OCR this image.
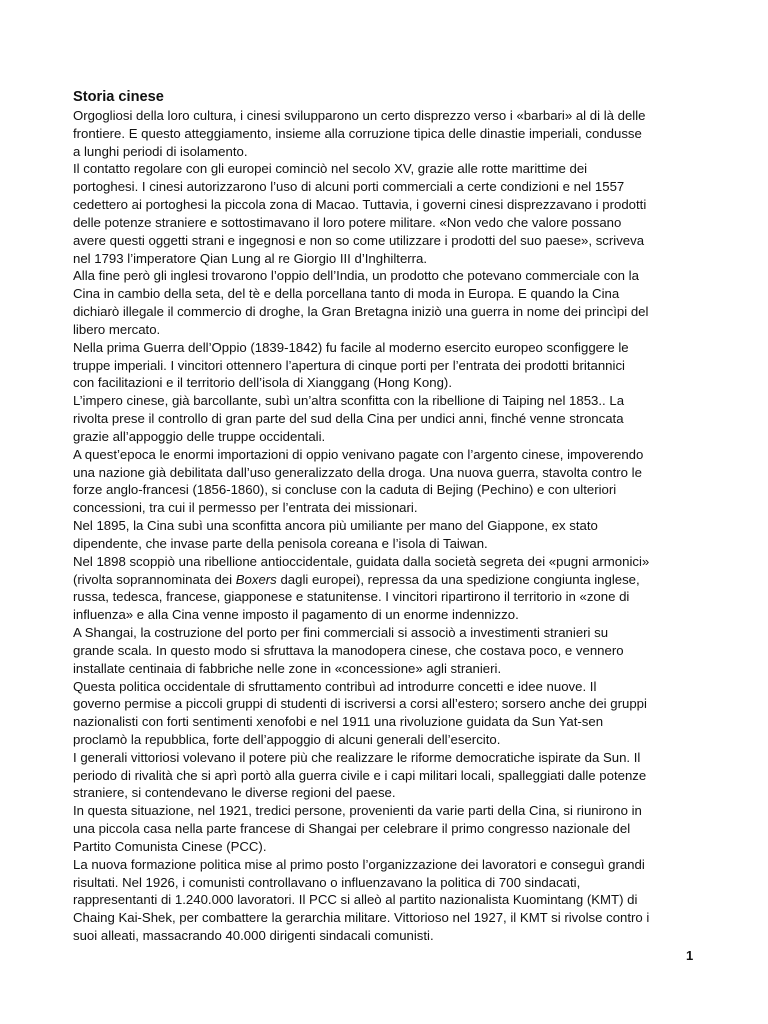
Storia cinese

Orgogliosi della loro cultura, i cinesi svilupparono un certo disprezzo verso i «barbari» al di là delle

frontiere. E questo atteggiamento, insieme alla corruzione tipica delle dinastie imperiali, condusse

a lunghi periodi di isolamento.

Il contatto regolare con gli europei cominciò nel secolo XV, grazie alle rotte marittime dei

portoghesi. I cinesi autorizzarono l’uso di alcuni porti commerciali a certe condizioni e nel 1557

cedettero ai portoghesi la piccola zona di Macao. Tuttavia, i governi cinesi disprezzavano i prodotti

delle potenze straniere e sottostimavano il loro potere militare. «Non vedo che valore possano

avere questi oggetti strani e ingegnosi e non so come utilizzare i prodotti del suo paese», scriveva

nel 1793 l’imperatore Qian Lung al re Giorgio III d’Inghilterra.

Alla fine però gli inglesi trovarono l’oppio dell’India, un prodotto che potevano commerciale con la

Cina in cambio della seta, del tè e della porcellana tanto di moda in Europa. E quando la Cina

dichiarò illegale il commercio di droghe, la Gran Bretagna iniziò una guerra in nome dei princìpi del

libero mercato.

Nella prima Guerra dell’Oppio (1839-1842) fu facile al moderno esercito europeo sconfiggere le

truppe imperiali. I vincitori ottennero l’apertura di cinque porti per l’entrata dei prodotti britannici

con facilitazioni e il territorio dell’isola di Xianggang (Hong Kong).

L’impero cinese, già barcollante, subì un’altra sconfitta con la ribellione di Taiping nel 1853.. La

rivolta prese il controllo di gran parte del sud della Cina per undici anni, finché venne stroncata

grazie all’appoggio delle truppe occidentali.

A quest’epoca le enormi importazioni di oppio venivano pagate con l’argento cinese, impoverendo

una nazione già debilitata dall’uso generalizzato della droga. Una nuova guerra, stavolta contro le

forze anglo-francesi (1856-1860), si concluse con la caduta di Bejing (Pechino) e con ulteriori

concessioni, tra cui il permesso per l’entrata dei missionari.

Nel 1895, la Cina subì una sconfitta ancora più umiliante per mano del Giappone, ex stato

dipendente, che invase parte della penisola coreana e l’isola di Taiwan.

Nel 1898 scoppiò una ribellione antioccidentale, guidata dalla società segreta dei «pugni armonici»

(rivolta soprannominata dei Boxers dagli europei), repressa da una spedizione congiunta inglese,

russa, tedesca, francese, giapponese e statunitense. I vincitori ripartirono il territorio in «zone di

influenza» e alla Cina venne imposto il pagamento di un enorme indennizzo.

A Shangai, la costruzione del porto per fini commerciali si associò a investimenti stranieri su

grande scala. In questo modo si sfruttava la manodopera cinese, che costava poco, e vennero

installate centinaia di fabbriche nelle zone in «concessione» agli stranieri.

Questa politica occidentale di sfruttamento contribuì ad introdurre concetti e idee nuove. Il

governo permise a piccoli gruppi di studenti di iscriversi a corsi all’estero; sorsero anche dei gruppi

nazionalisti con forti sentimenti xenofobi e nel 1911 una rivoluzione guidata da Sun Yat-sen

proclamò la repubblica, forte dell’appoggio di alcuni generali dell’esercito.

I generali vittoriosi volevano il potere più che realizzare le riforme democratiche ispirate da Sun. Il

periodo di rivalità che si aprì portò alla guerra civile e i capi militari locali, spalleggiati dalle potenze

straniere, si contendevano le diverse regioni del paese.

In questa situazione, nel 1921, tredici persone, provenienti da varie parti della Cina, si riunirono in

una piccola casa nella parte francese di Shangai per celebrare il primo congresso nazionale del

Partito Comunista Cinese (PCC).

La nuova formazione politica mise al primo posto l’organizzazione dei lavoratori e conseguì grandi

risultati. Nel 1926, i comunisti controllavano o influenzavano la politica di 700 sindacati,

rappresentanti di 1.240.000 lavoratori. Il PCC si allеò al partito nazionalista Kuomintang (KMT) di

Chaing Kai-Shek, per combattere la gerarchia militare. Vittorioso nel 1927, il KMT si rivolse contro i

suoi alleati, massacrando 40.000 dirigenti sindacali comunisti.

1
